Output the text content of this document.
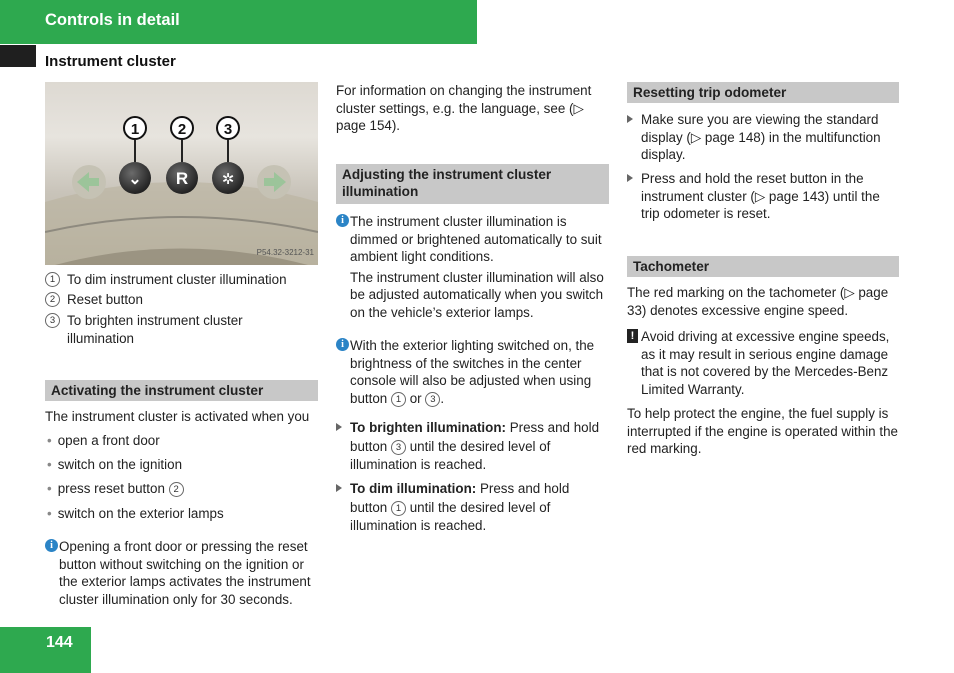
Controls in detail
Instrument cluster
⌄ R ✲
1	2	3
P54.32-3212-31
1 To dim instrument cluster illumination
2 Reset button
3 To brighten instrument cluster illumination
Activating the instrument cluster

The instrument cluster is activated when you

• open a front door
• switch on the ignition
• press reset button 2
• switch on the exterior lamps
i Opening a front door or pressing the reset button without switching on the ignition or the exterior lamps activates the instrument cluster illumination only for 30 seconds.

For information on changing the instrument cluster settings, e.g. the language, see (▷ page 154).

Adjusting the instrument cluster illumination
i The instrument cluster illumination is dimmed or brightened automatically to suit ambient light conditions.
The instrument cluster illumination will also be adjusted automatically when you switch on the vehicle’s exterior lamps.
i With the exterior lighting switched on, the brightness of the switches in the center console will also be adjusted when using button 1 or 3 .
To brighten illumination: Press and hold button 3 until the desired level of illumination is reached.
To dim illumination: Press and hold button 1 until the desired level of illumination is reached.
Resetting trip odometer
Make sure you are viewing the standard display (▷ page 148) in the multifunction display.
Press and hold the reset button in the instrument cluster (▷ page 143) until the trip odometer is reset.
Tachometer

The red marking on the tachometer (▷ page 33) denotes excessive engine speed.

! Avoid driving at excessive engine speeds, as it may result in serious engine damage that is not covered by the Mercedes-Benz Limited Warranty.

To help protect the engine, the fuel supply is interrupted if the engine is operated within the red marking.

144
